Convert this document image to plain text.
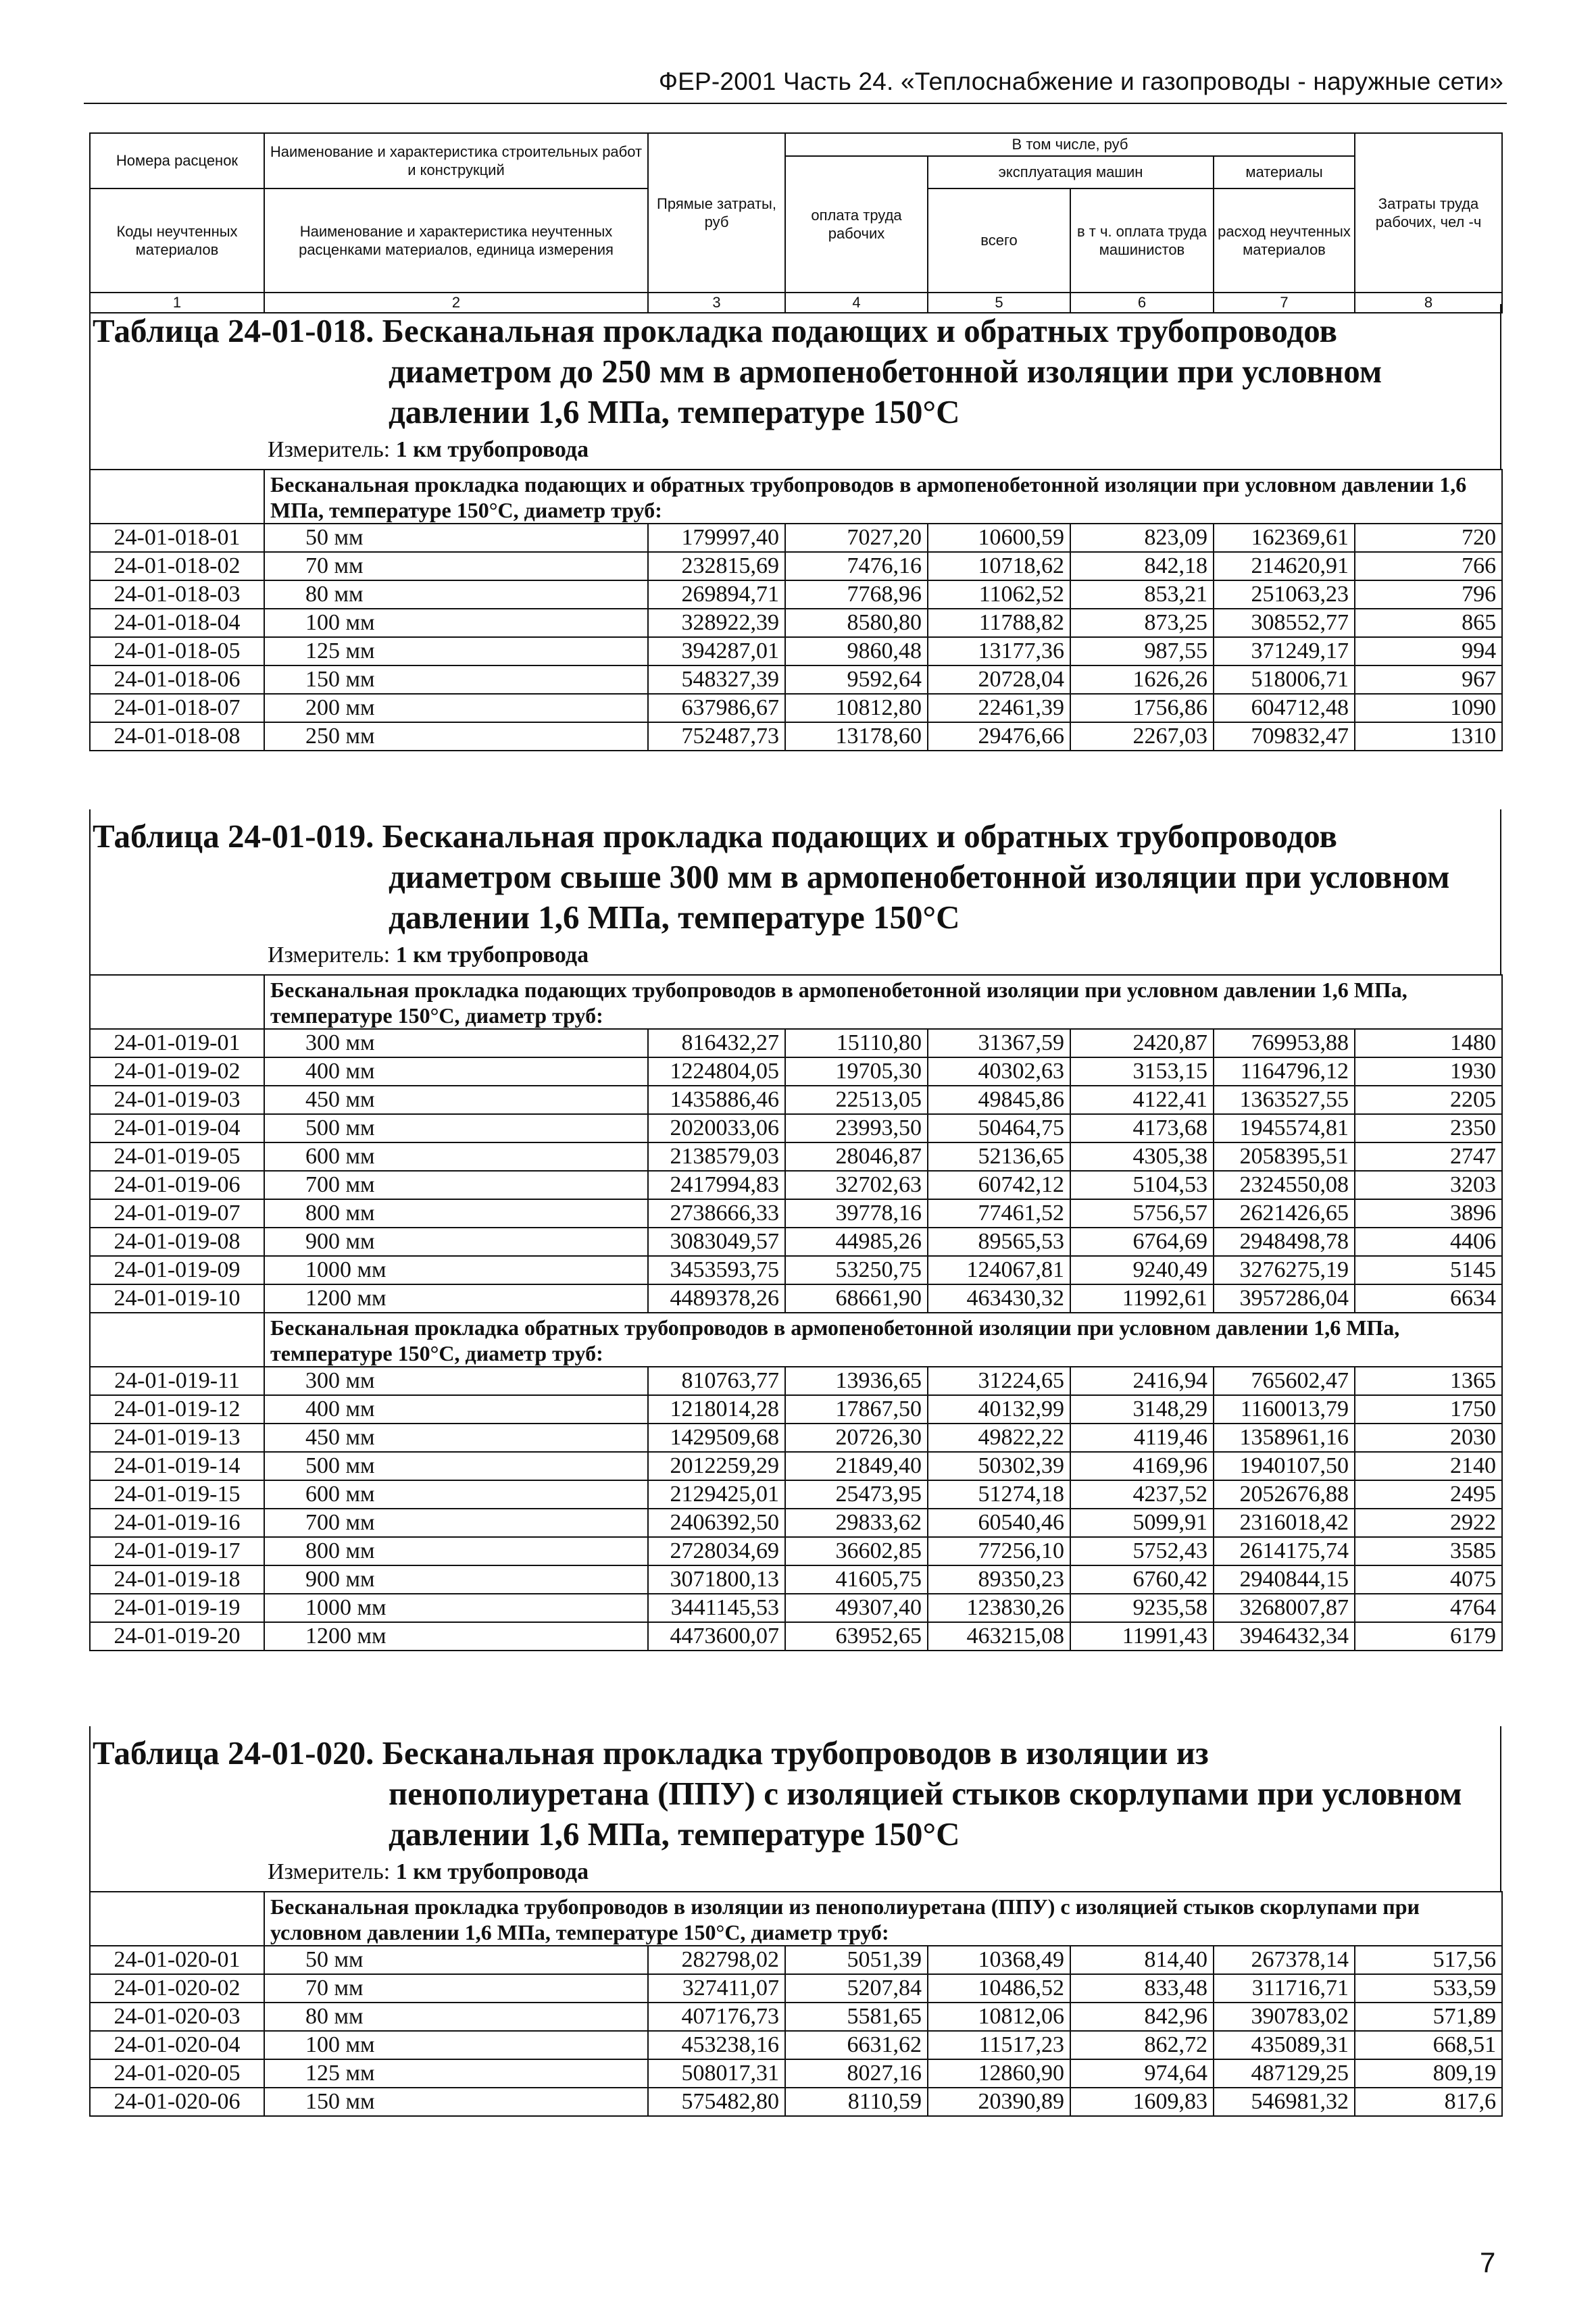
ФЕР-2001 Часть 24. «Теплоснабжение и газопроводы - наружные сети»
Номера расценок	Наименование и характеристика строительных работ и конструкций	Прямые затраты, руб	В том числе, руб				Затраты труда рабочих, чел -ч
			оплата труда рабочих	эксплуатация машин		материалы	
Коды неучтенных материалов	Наименование и характеристика неучтенных расценками материалов, единица измерения			всего	в т ч. оплата труда машинистов	расход неучтенных материалов	

1	2	3	4	5	6	7	8
Таблица 24-01-018. Бесканальная прокладка подающих и обратных трубопроводов
диаметром до 250 мм в армопенобетонной изоляции при условном
давлении 1,6 МПа, температуре 150°С
Измеритель: 1 км трубопровода
	Бесканальная прокладка подающих и обратных трубопроводов в армопенобетонной изоляции при условном давлении 1,6 МПа, температуре 150°С, диаметр труб:						
24-01-018-01	50 мм	179997,40	7027,20	10600,59	823,09	162369,61	720
24-01-018-02	70 мм	232815,69	7476,16	10718,62	842,18	214620,91	766
24-01-018-03	80 мм	269894,71	7768,96	11062,52	853,21	251063,23	796
24-01-018-04	100 мм	328922,39	8580,80	11788,82	873,25	308552,77	865
24-01-018-05	125 мм	394287,01	9860,48	13177,36	987,55	371249,17	994
24-01-018-06	150 мм	548327,39	9592,64	20728,04	1626,26	518006,71	967
24-01-018-07	200 мм	637986,67	10812,80	22461,39	1756,86	604712,48	1090
24-01-018-08	250 мм	752487,73	13178,60	29476,66	2267,03	709832,47	1310
Таблица 24-01-019. Бесканальная прокладка подающих и обратных трубопроводов
диаметром свыше 300 мм в армопенобетонной изоляции при условном
давлении 1,6 МПа, температуре 150°С
Измеритель: 1 км трубопровода
	Бесканальная прокладка подающих трубопроводов в армопенобетонной изоляции при условном давлении 1,6 МПа, температуре 150°С, диаметр труб:						
24-01-019-01	300 мм	816432,27	15110,80	31367,59	2420,87	769953,88	1480
24-01-019-02	400 мм	1224804,05	19705,30	40302,63	3153,15	1164796,12	1930
24-01-019-03	450 мм	1435886,46	22513,05	49845,86	4122,41	1363527,55	2205
24-01-019-04	500 мм	2020033,06	23993,50	50464,75	4173,68	1945574,81	2350
24-01-019-05	600 мм	2138579,03	28046,87	52136,65	4305,38	2058395,51	2747
24-01-019-06	700 мм	2417994,83	32702,63	60742,12	5104,53	2324550,08	3203
24-01-019-07	800 мм	2738666,33	39778,16	77461,52	5756,57	2621426,65	3896
24-01-019-08	900 мм	3083049,57	44985,26	89565,53	6764,69	2948498,78	4406
24-01-019-09	1000 мм	3453593,75	53250,75	124067,81	9240,49	3276275,19	5145
24-01-019-10	1200 мм	4489378,26	68661,90	463430,32	11992,61	3957286,04	6634
	Бесканальная прокладка обратных трубопроводов в армопенобетонной изоляции при условном давлении 1,6 МПа, температуре 150°С, диаметр труб:						
24-01-019-11	300 мм	810763,77	13936,65	31224,65	2416,94	765602,47	1365
24-01-019-12	400 мм	1218014,28	17867,50	40132,99	3148,29	1160013,79	1750
24-01-019-13	450 мм	1429509,68	20726,30	49822,22	4119,46	1358961,16	2030
24-01-019-14	500 мм	2012259,29	21849,40	50302,39	4169,96	1940107,50	2140
24-01-019-15	600 мм	2129425,01	25473,95	51274,18	4237,52	2052676,88	2495
24-01-019-16	700 мм	2406392,50	29833,62	60540,46	5099,91	2316018,42	2922
24-01-019-17	800 мм	2728034,69	36602,85	77256,10	5752,43	2614175,74	3585
24-01-019-18	900 мм	3071800,13	41605,75	89350,23	6760,42	2940844,15	4075
24-01-019-19	1000 мм	3441145,53	49307,40	123830,26	9235,58	3268007,87	4764
24-01-019-20	1200 мм	4473600,07	63952,65	463215,08	11991,43	3946432,34	6179
Таблица 24-01-020. Бесканальная прокладка трубопроводов в изоляции из
пенополиуретана (ППУ) с изоляцией стыков скорлупами при условном
давлении 1,6 МПа, температуре 150°С
Измеритель: 1 км трубопровода
	Бесканальная прокладка трубопроводов в изоляции из пенополиуретана (ППУ) с изоляцией стыков скорлупами при условном давлении 1,6 МПа, температуре 150°С, диаметр труб:						
24-01-020-01	50 мм	282798,02	5051,39	10368,49	814,40	267378,14	517,56
24-01-020-02	70 мм	327411,07	5207,84	10486,52	833,48	311716,71	533,59
24-01-020-03	80 мм	407176,73	5581,65	10812,06	842,96	390783,02	571,89
24-01-020-04	100 мм	453238,16	6631,62	11517,23	862,72	435089,31	668,51
24-01-020-05	125 мм	508017,31	8027,16	12860,90	974,64	487129,25	809,19
24-01-020-06	150 мм	575482,80	8110,59	20390,89	1609,83	546981,32	817,6
7
